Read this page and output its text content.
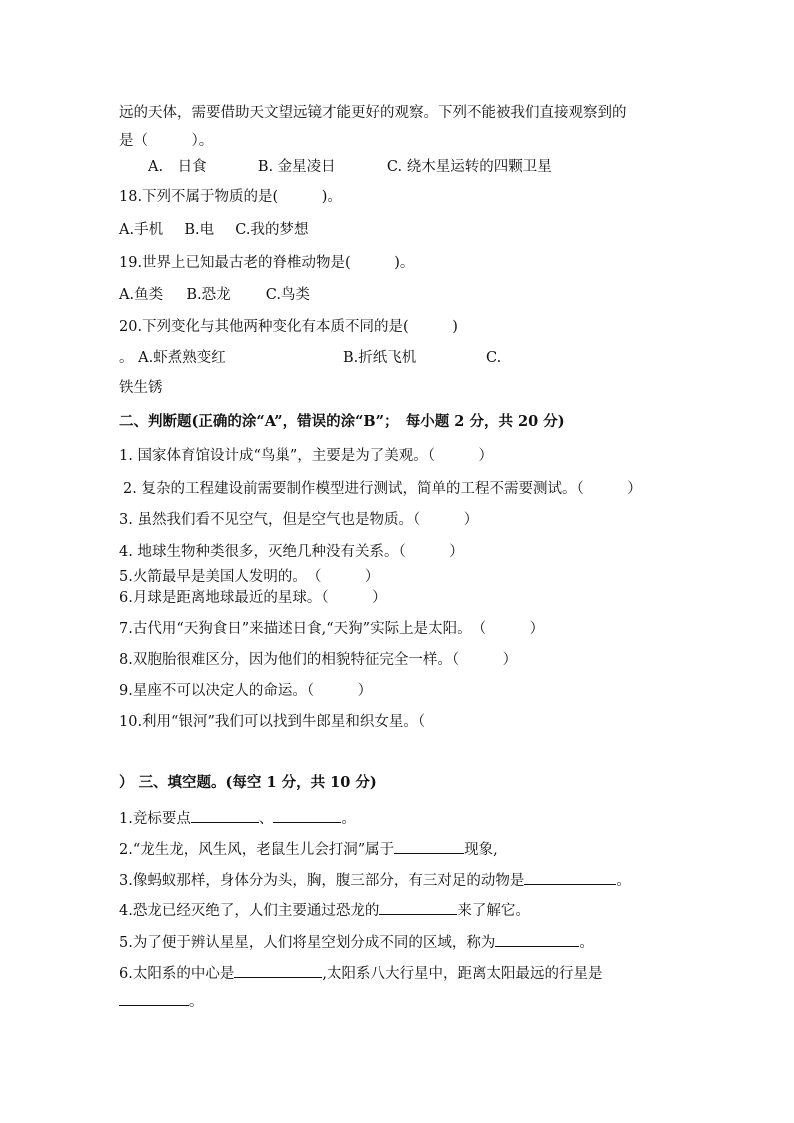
远的天体，需要借助天文望远镜才能更好的观察。下列不能被我们直接观察到的

是（　　　）。

A.　日食	B. 金星凌日	C. 绕木星运转的四颗卫星

18.下列不属于物质的是(　　　)。

A.手机 B.电 C.我的梦想

19.世界上已知最古老的脊椎动物是(　　　)。

A.鱼类 B.恐龙 C.鸟类

20.下列变化与其他两种变化有本质不同的是(　　　)

。 A.虾煮熟变红	B.折纸飞机	C.

铁生锈

二、判断题(正确的涂“A”，错误的涂“B”；　每小题 2 分，共 20 分)

1. 国家体育馆设计成“鸟巢”，主要是为了美观。（　　　）

2. 复杂的工程建设前需要制作模型进行测试，简单的工程不需要测试。（　　　）

3. 虽然我们看不见空气，但是空气也是物质。（　　　）

4. 地球生物种类很多，灭绝几种没有关系。（　　　）

5.火箭最早是美国人发明的。　（　　　）

6.月球是距离地球最近的星球。（　　　）

7.古代用“天狗食日”来描述日食,“天狗”实际上是太阳。　（　　　）

8.双胞胎很难区分，因为他们的相貌特征完全一样。（　　　）

9.星座不可以决定人的命运。（　　　）

10.利用“银河”我们可以找到牛郎星和织女星。（

） 三、填空题。(每空 1 分，共 10 分)
1.竞标要点	、	。
2.“龙生龙，风生风，老鼠生儿会打洞”属于	现象,
3.像蚂蚁那样，身体分为头，胸，腹三部分，有三对足的动物是	。
4.恐龙已经灭绝了，人们主要通过恐龙的	来了解它。
5.为了便于辨认星星，人们将星空划分成不同的区域，称为	。
6.太阳系的中心是	,太阳系八大行星中，距离太阳最远的行星是
。
